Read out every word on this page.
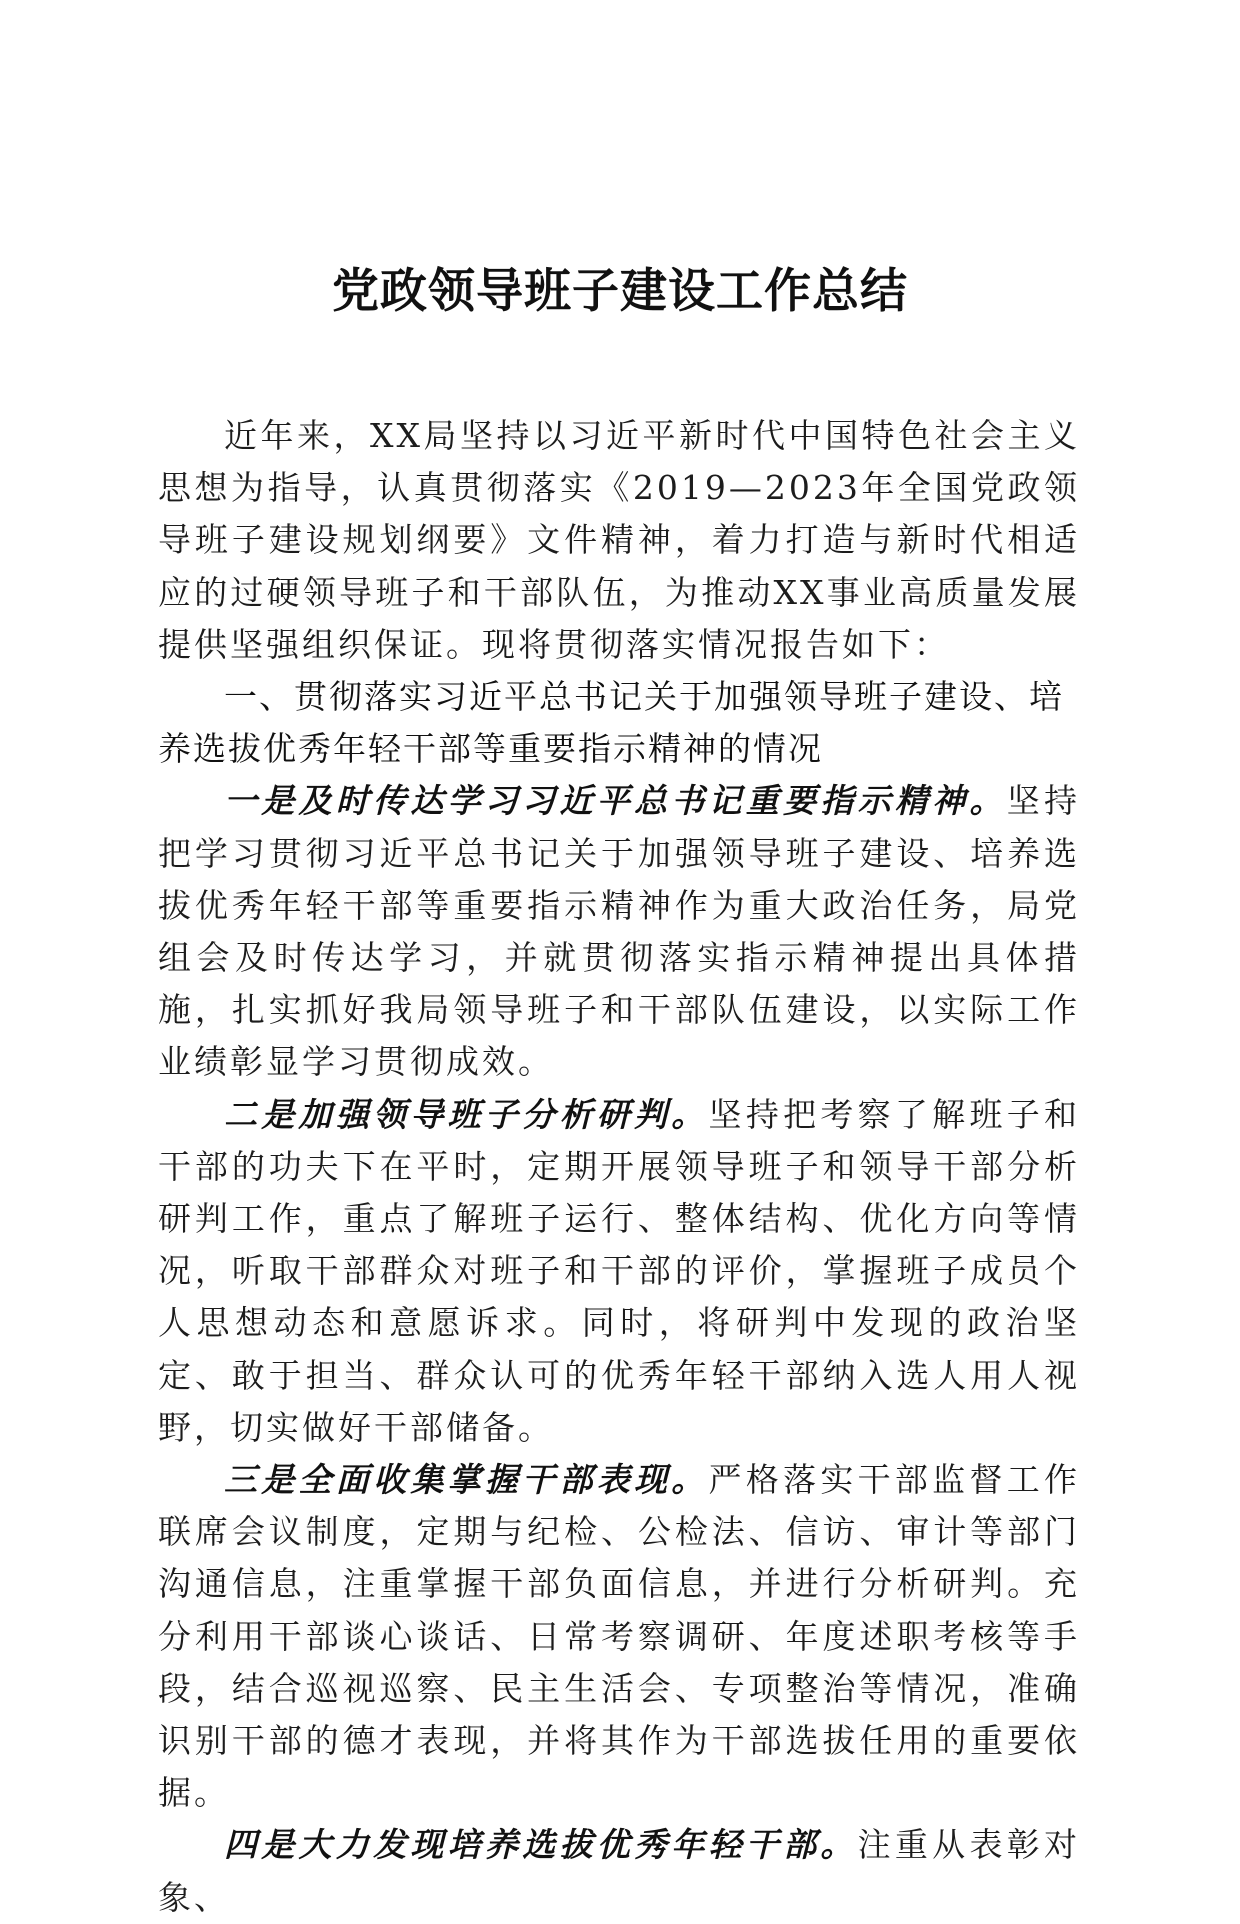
党政领导班子建设工作总结

近年来，XX局坚持以习近平新时代中国特色社会主义思想为指导，认真贯彻落实《2019—2023年全国党政领导班子建设规划纲要》文件精神，着力打造与新时代相适应的过硬领导班子和干部队伍，为推动XX事业高质量发展提供坚强组织保证。现将贯彻落实情况报告如下：

一、贯彻落实习近平总书记关于加强领导班子建设、培养选拔优秀年轻干部等重要指示精神的情况

一是及时传达学习习近平总书记重要指示精神。坚持把学习贯彻习近平总书记关于加强领导班子建设、培养选拔优秀年轻干部等重要指示精神作为重大政治任务，局党组会及时传达学习，并就贯彻落实指示精神提出具体措施，扎实抓好我局领导班子和干部队伍建设，以实际工作业绩彰显学习贯彻成效。

二是加强领导班子分析研判。坚持把考察了解班子和干部的功夫下在平时，定期开展领导班子和领导干部分析研判工作，重点了解班子运行、整体结构、优化方向等情况，听取干部群众对班子和干部的评价，掌握班子成员个人思想动态和意愿诉求。同时，将研判中发现的政治坚定、敢于担当、群众认可的优秀年轻干部纳入选人用人视野，切实做好干部储备。

三是全面收集掌握干部表现。严格落实干部监督工作联席会议制度，定期与纪检、公检法、信访、审计等部门沟通信息，注重掌握干部负面信息，并进行分析研判。充分利用干部谈心谈话、日常考察调研、年度述职考核等手段，结合巡视巡察、民主生活会、专项整治等情况，准确识别干部的德才表现，并将其作为干部选拔任用的重要依据。

四是大力发现培养选拔优秀年轻干部。注重从表彰对象、
